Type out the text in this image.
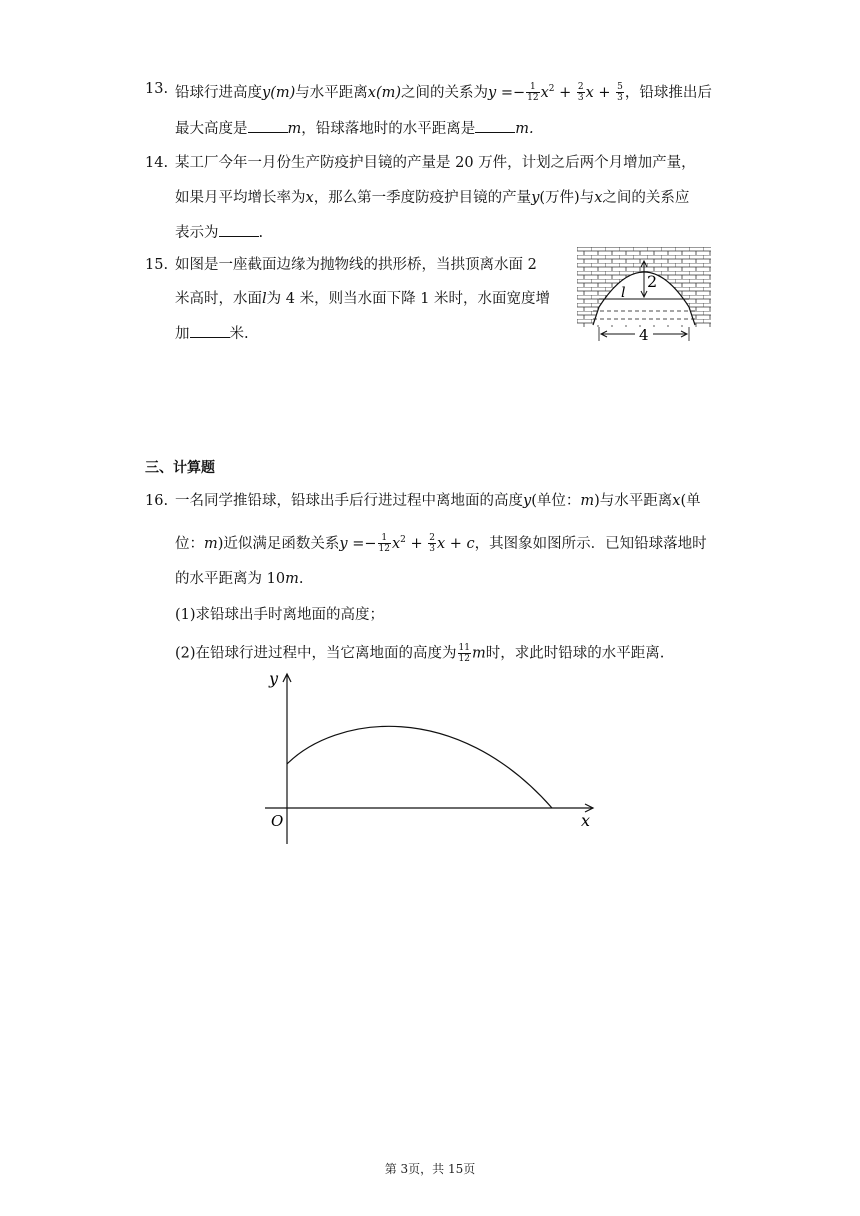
13. 铅球行进高度y(m)与水平距离x(m)之间的关系为$y =- \frac{1}{12} x^2 + \frac{2}{3}$ $x + \frac{5}{3}$ ，铅球推出后
最大高度是	m，铅球落地时的水平距离是	m.
14. 某工厂今年一月份生产防疫护目镜的产量是 20 万件，计划之后两个月增加产量，
如果月平均增长率为x，那么第一季度防疫护目镜的产量y(万件)与x之间的关系应
表示为	.
15. 如图是一座截面边缘为抛物线的拱形桥，当拱顶离水面 2
米高时，水面l为 4 米，则当水面下降 1 米时，水面宽度增
加	米.
2
l
4
三、计算题
16. 一名同学推铅球，铅球出手后行进过程中离地面的高度y(单位：m)与水平距离x(单
位：m)近似满足函数关系$y =- \frac{1}{12} x^2 + \frac{2}{3}$ x + c，其图象如图所示．已知铅球落地时
的水平距离为 10m.
(1)求铅球出手时离地面的高度；
(2)在铅球行进过程中，当它离地面的高度为 $\frac{11}{12}$ m时，求此时铅球的水平距离.
y
x
O
第 3页，共 15页
